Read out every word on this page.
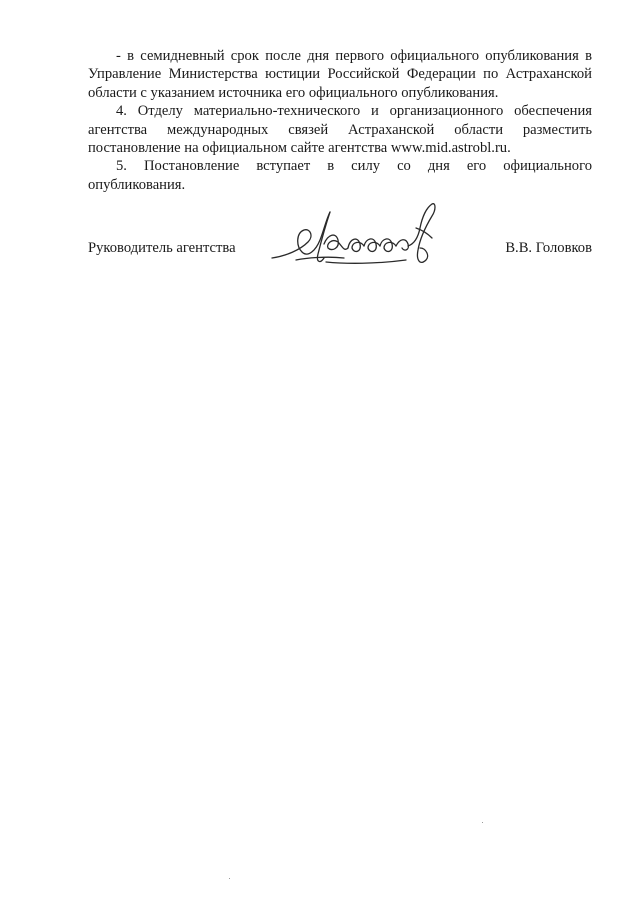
- в семидневный срок после дня первого официального опубликования в
Управление Министерства юстиции Российской Федерации по Астраханской
области с указанием источника его официального опубликования.
4. Отделу материально-технического и организационного обеспечения
агентства международных связей Астраханской области разместить
постановление на официальном сайте агентства www.mid.astrobl.ru.
5. Постановление вступает в силу со дня его официального
опубликования.
Руководитель агентства	В.В. Головков
